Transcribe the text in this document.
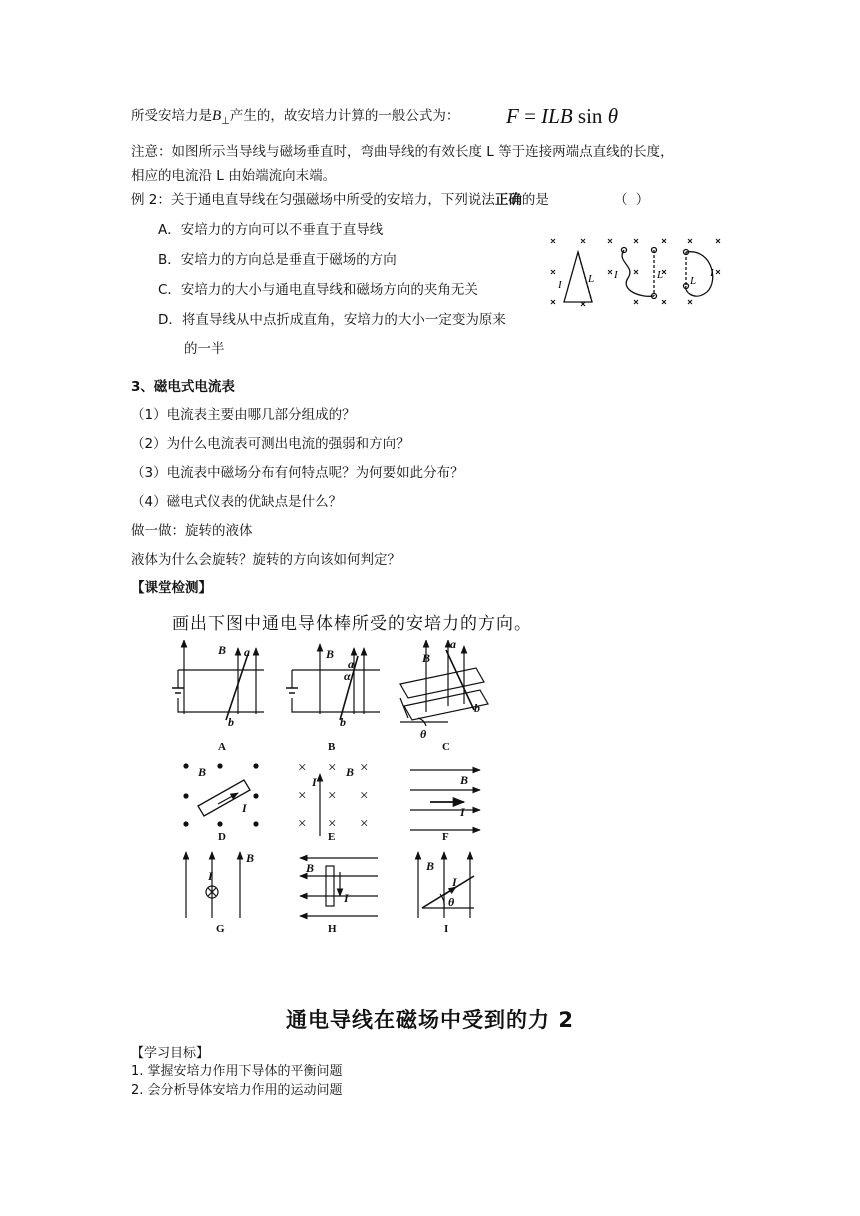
所受安培力是$B_\perp$产生的，故安培力计算的一般公式为： F = ILB sin θ
注意：如图所示当导线与磁场垂直时，弯曲导线的有效长度 L 等于连接两端点直线的长度，
相应的电流沿 L 由始端流向末端。
例 2：关于通电直导线在匀强磁场中所受的安培力，下列说法正确的是	（ ）
A．安培力的方向可以不垂直于直导线
B．安培力的方向总是垂直于磁场的方向
C．安培力的大小与通电直导线和磁场方向的夹角无关
D．将直导线从中点折成直角，安培力的大小一定变为原来
的一半
I L I	L L
I
3、磁电式电流表
（1）电流表主要由哪几部分组成的？
（2）为什么电流表可测出电流的强弱和方向？
（3）电流表中磁场分布有何特点呢？为何要如此分布？
（4）磁电式仪表的优缺点是什么？
做一做：旋转的液体
液体为什么会旋转？旋转的方向该如何判定？
【课堂检测】
画出下图中通电导体棒所受的安培力的方向。
× × ×
× × ×
× × ×
B a
b
B
a
α
b
B
a
b
θ
B
I
B
I	B
I
B
I
B
I
B
I
θ
A	B	C
D	E	F
G	H	I
通电导线在磁场中受到的力 2
【学习目标】
1. 掌握安培力作用下导体的平衡问题
2. 会分析导体安培力作用的运动问题
